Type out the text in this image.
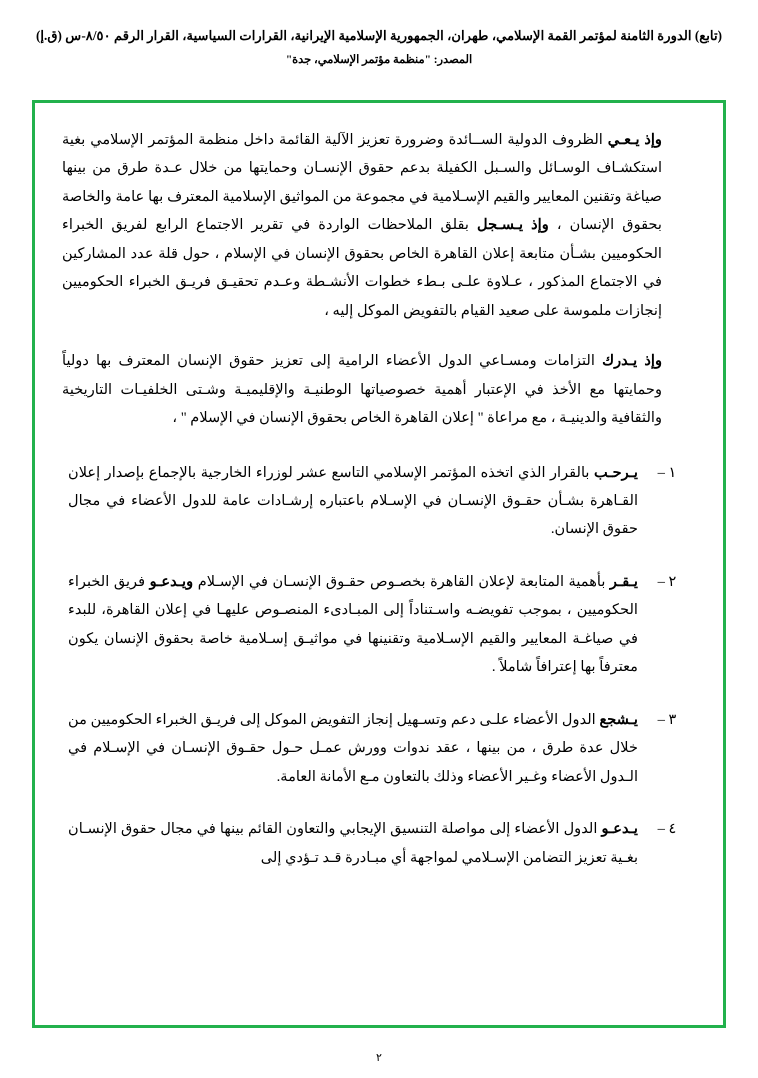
(تابع) الدورة الثامنة لمؤتمر القمة الإسلامي، طهران، الجمهورية الإسلامية الإيرانية، القرارات السياسية، القرار الرقم ٨/٥٠-س (ق.إ)
المصدر: "منظمة مؤتمر الإسلامي، جدة"

وإذ يـعـي الظروف الدولية الســائدة وضرورة تعزيز الآلية القائمة داخل منظمة المؤتمر الإسلامي بغية استكشـاف الوسـائل والسـبل الكفيلة بدعم حقوق الإنسـان وحمايتها من خلال عـدة طرق من بينها صياغة وتقنين المعايير والقيم الإسـلامية في مجموعة من المواثيق الإسلامية المعترف بها عامة والخاصة بحقوق الإنسان ، وإذ يـسـجل بقلق الملاحظات الواردة في تقرير الاجتماع الرابع لفريق الخبراء الحكوميين بشـأن متابعة إعلان القاهرة الخاص بحقوق الإنسان في الإسلام ، حول قلة عدد المشاركين في الاجتماع المذكور ، عـلاوة علـى بـطء خطوات الأنشـطة وعـدم تحقيـق فريـق الخبراء الحكوميين إنجازات ملموسة على صعيد القيام بالتفويض الموكل إليه ،

وإذ يـدرك التزامات ومسـاعي الدول الأعضاء الرامية إلى تعزيز حقوق الإنسان المعترف بها دولياً وحمايتها مع الأخذ في الإعتبار أهمية خصوصياتها الوطنيـة والإقليميـة وشـتى الخلفيـات التاريخية والثقافية والدينيـة ، مع مراعاة " إعلان القاهرة الخاص بحقوق الإنسان في الإسلام " ،

١ –
يـرحـب بالقرار الذي اتخذه المؤتمر الإسلامي التاسع عشر لوزراء الخارجية بالإجماع بإصدار إعلان القـاهرة بشـأن حقـوق الإنسـان في الإسـلام باعتباره إرشـادات عامة للدول الأعضاء في مجال حقوق الإنسان.
٢ –
يـقـر بأهمية المتابعة لإعلان القاهرة بخصـوص حقـوق الإنسـان في الإسـلام ويـدعـو فريق الخبراء الحكوميين ، بموجب تفويضـه واسـتناداً إلى المبـادىء المنصـوص عليهـا في إعلان القاهرة، للبدء في صياغـة المعايير والقيم الإسـلامية وتقنينها في مواثيـق إسـلامية خاصة بحقوق الإنسان يكون معترفاً بها إعترافاً شاملاً .
٣ –
يـشجع الدول الأعضاء علـى دعم وتسـهيل إنجاز التفويض الموكل إلى فريـق الخبراء الحكوميين من خلال عدة طرق ، من بينها ، عقد ندوات وورش عمـل حـول حقـوق الإنسـان في الإسـلام في الـدول الأعضاء وغـير الأعضاء وذلك بالتعاون مـع الأمانة العامة.
٤ –
يـدعـو الدول الأعضاء إلى مواصلة التنسيق الإيجابي والتعاون القائم بينها في مجال حقوق الإنسـان بغـية تعزيز التضامن الإسـلامي لمواجهة أي مبـادرة قـد تـؤدي إلى
٢
